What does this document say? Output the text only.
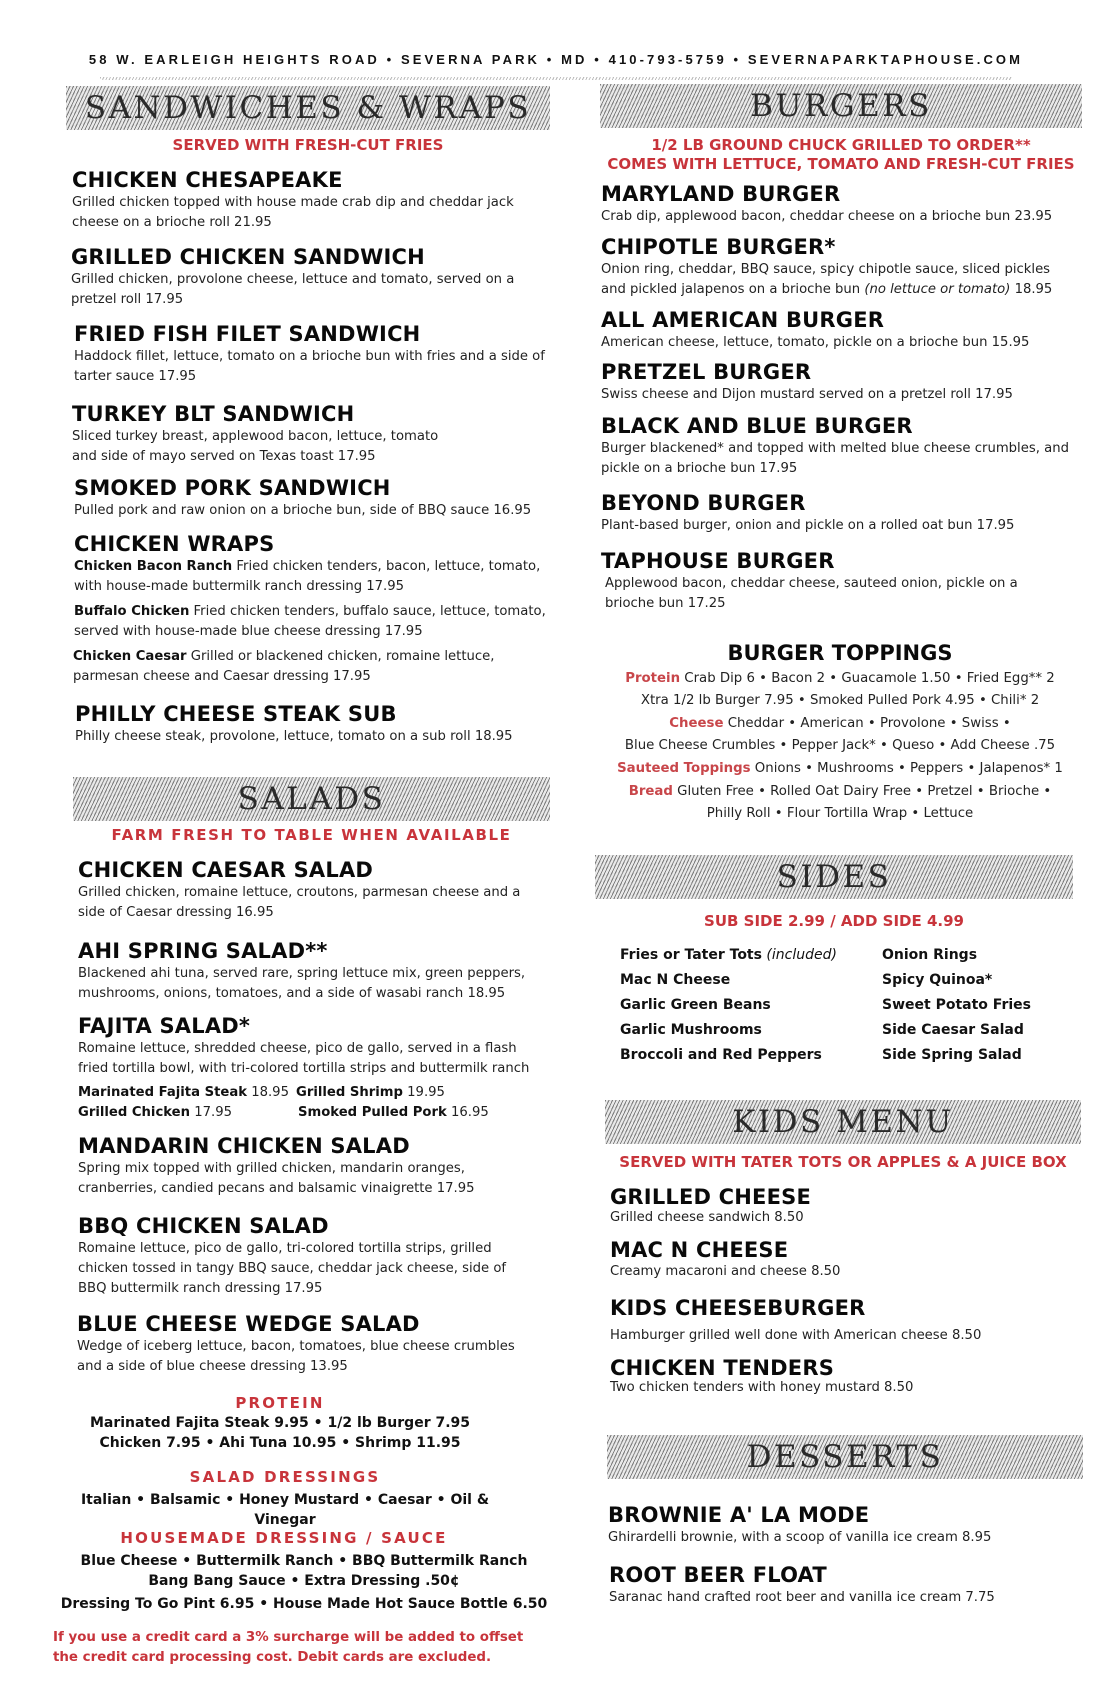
58 W. EARLEIGH HEIGHTS ROAD • SEVERNA PARK • MD • 410-793-5759 • SEVERNAPARKTAPHOUSE.COM
SANDWICHES & WRAPS
SERVED WITH FRESH-CUT FRIES
CHICKEN CHESAPEAKE
Grilled chicken topped with house made crab dip and cheddar jack cheese on a brioche roll 21.95
GRILLED CHICKEN SANDWICH
Grilled chicken, provolone cheese, lettuce and tomato, served on a pretzel roll 17.95
FRIED FISH FILET SANDWICH
Haddock fillet, lettuce, tomato on a brioche bun with fries and a side of tarter sauce 17.95
TURKEY BLT SANDWICH
Sliced turkey breast, applewood bacon, lettuce, tomato
and side of mayo served on Texas toast 17.95
SMOKED PORK SANDWICH
Pulled pork and raw onion on a brioche bun, side of BBQ sauce 16.95
CHICKEN WRAPS
Chicken Bacon Ranch Fried chicken tenders, bacon, lettuce, tomato,
with house-made buttermilk ranch dressing 17.95
Buffalo Chicken Fried chicken tenders, buffalo sauce, lettuce, tomato,
served with house-made blue cheese dressing 17.95
Chicken Caesar Grilled or blackened chicken, romaine lettuce,
parmesan cheese and Caesar dressing 17.95
PHILLY CHEESE STEAK SUB
Philly cheese steak, provolone, lettuce, tomato on a sub roll 18.95
SALADS
FARM FRESH TO TABLE WHEN AVAILABLE
CHICKEN CAESAR SALAD
Grilled chicken, romaine lettuce, croutons, parmesan cheese and a side of Caesar dressing 16.95
AHI SPRING SALAD**
Blackened ahi tuna, served rare, spring lettuce mix, green peppers, mushrooms, onions, tomatoes, and a side of wasabi ranch 18.95
FAJITA SALAD*
Romaine lettuce, shredded cheese, pico de gallo, served in a flash fried tortilla bowl, with tri-colored tortilla strips and buttermilk ranch
Marinated Fajita Steak 18.95 Grilled Shrimp 19.95
Grilled Chicken 17.95	Smoked Pulled Pork 16.95
MANDARIN CHICKEN SALAD
Spring mix topped with grilled chicken, mandarin oranges, cranberries, candied pecans and balsamic vinaigrette 17.95
BBQ CHICKEN SALAD
Romaine lettuce, pico de gallo, tri-colored tortilla strips, grilled chicken tossed in tangy BBQ sauce, cheddar jack cheese, side of BBQ buttermilk ranch dressing 17.95
BLUE CHEESE WEDGE SALAD
Wedge of iceberg lettuce, bacon, tomatoes, blue cheese crumbles and a side of blue cheese dressing 13.95
PROTEIN
Marinated Fajita Steak 9.95 • 1/2 lb Burger 7.95
Chicken 7.95 • Ahi Tuna 10.95 • Shrimp 11.95
SALAD DRESSINGS
Italian • Balsamic • Honey Mustard • Caesar • Oil & Vinegar
HOUSEMADE DRESSING / SAUCE
Blue Cheese • Buttermilk Ranch • BBQ Buttermilk Ranch
Bang Bang Sauce • Extra Dressing .50¢
Dressing To Go Pint 6.95 • House Made Hot Sauce Bottle 6.50
If you use a credit card a 3% surcharge will be added to offset
the credit card processing cost. Debit cards are excluded.
BURGERS
1/2 LB GROUND CHUCK GRILLED TO ORDER**
COMES WITH LETTUCE, TOMATO AND FRESH-CUT FRIES
MARYLAND BURGER
Crab dip, applewood bacon, cheddar cheese on a brioche bun 23.95
CHIPOTLE BURGER*
Onion ring, cheddar, BBQ sauce, spicy chipotle sauce, sliced pickles
and pickled jalapenos on a brioche bun (no lettuce or tomato) 18.95
ALL AMERICAN BURGER
American cheese, lettuce, tomato, pickle on a brioche bun 15.95
PRETZEL BURGER
Swiss cheese and Dijon mustard served on a pretzel roll 17.95
BLACK AND BLUE BURGER
Burger blackened* and topped with melted blue cheese crumbles, and pickle on a brioche bun 17.95
BEYOND BURGER
Plant-based burger, onion and pickle on a rolled oat bun 17.95
TAPHOUSE BURGER
Applewood bacon, cheddar cheese, sauteed onion, pickle on a brioche bun 17.25
BURGER TOPPINGS
Protein Crab Dip 6 • Bacon 2 • Guacamole 1.50 • Fried Egg** 2
Xtra 1/2 lb Burger 7.95 • Smoked Pulled Pork 4.95 • Chili* 2
Cheese Cheddar • American • Provolone • Swiss •
Blue Cheese Crumbles • Pepper Jack* • Queso • Add Cheese .75
Sauteed Toppings Onions • Mushrooms • Peppers • Jalapenos* 1
Bread Gluten Free • Rolled Oat Dairy Free • Pretzel • Brioche •
Philly Roll • Flour Tortilla Wrap • Lettuce
SIDES
SUB SIDE 2.99 / ADD SIDE 4.99
Fries or Tater Tots (included)	Onion Rings
Mac N Cheese	Spicy Quinoa*
Garlic Green Beans	Sweet Potato Fries
Garlic Mushrooms	Side Caesar Salad
Broccoli and Red Peppers	Side Spring Salad
KIDS MENU
SERVED WITH TATER TOTS OR APPLES & A JUICE BOX
GRILLED CHEESE
Grilled cheese sandwich 8.50
MAC N CHEESE
Creamy macaroni and cheese 8.50
KIDS CHEESEBURGER
Hamburger grilled well done with American cheese 8.50
CHICKEN TENDERS
Two chicken tenders with honey mustard 8.50
DESSERTS
BROWNIE A' LA MODE
Ghirardelli brownie, with a scoop of vanilla ice cream 8.95
ROOT BEER FLOAT
Saranac hand crafted root beer and vanilla ice cream 7.75
